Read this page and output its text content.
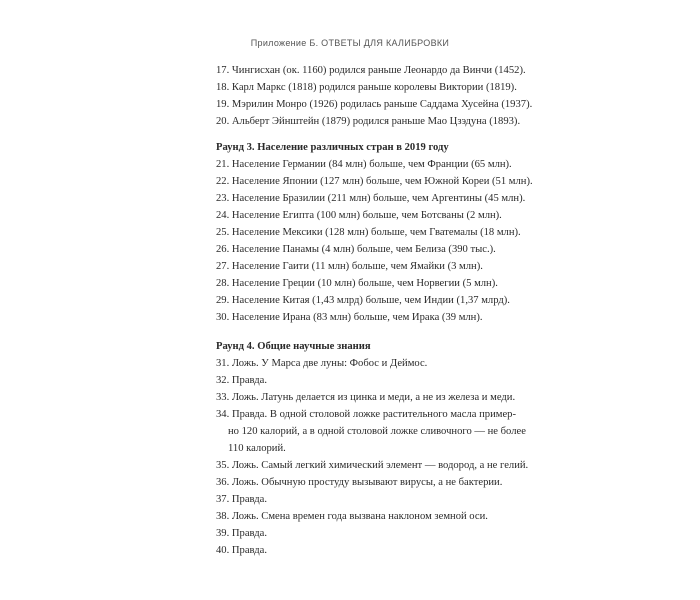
Приложение Б. ОТВЕТЫ ДЛЯ КАЛИБРОВКИ
17. Чингисхан (ок. 1160) родился раньше Леонардо да Винчи (1452).
18. Карл Маркс (1818) родился раньше королевы Виктории (1819).
19. Мэрилин Монро (1926) родилась раньше Саддама Хусейна (1937).
20. Альберт Эйнштейн (1879) родился раньше Мао Цзэдуна (1893).
Раунд 3. Население различных стран в 2019 году
21. Население Германии (84 млн) больше, чем Франции (65 млн).
22. Население Японии (127 млн) больше, чем Южной Кореи (51 млн).
23. Население Бразилии (211 млн) больше, чем Аргентины (45 млн).
24. Население Египта (100 млн) больше, чем Ботсваны (2 млн).
25. Население Мексики (128 млн) больше, чем Гватемалы (18 млн).
26. Население Панамы (4 млн) больше, чем Белиза (390 тыс.).
27. Население Гаити (11 млн) больше, чем Ямайки (3 млн).
28. Население Греции (10 млн) больше, чем Норвегии (5 млн).
29. Население Китая (1,43 млрд) больше, чем Индии (1,37 млрд).
30. Население Ирана (83 млн) больше, чем Ирака (39 млн).
Раунд 4. Общие научные знания
31. Ложь. У Марса две луны: Фобос и Деймос.
32. Правда.
33. Ложь. Латунь делается из цинка и меди, а не из железа и меди.
34. Правда. В одной столовой ложке растительного масла пример-
но 120 калорий, а в одной столовой ложке сливочного — не более
110 калорий.
35. Ложь. Самый легкий химический элемент — водород, а не гелий.
36. Ложь. Обычную простуду вызывают вирусы, а не бактерии.
37. Правда.
38. Ложь. Смена времен года вызвана наклоном земной оси.
39. Правда.
40. Правда.
